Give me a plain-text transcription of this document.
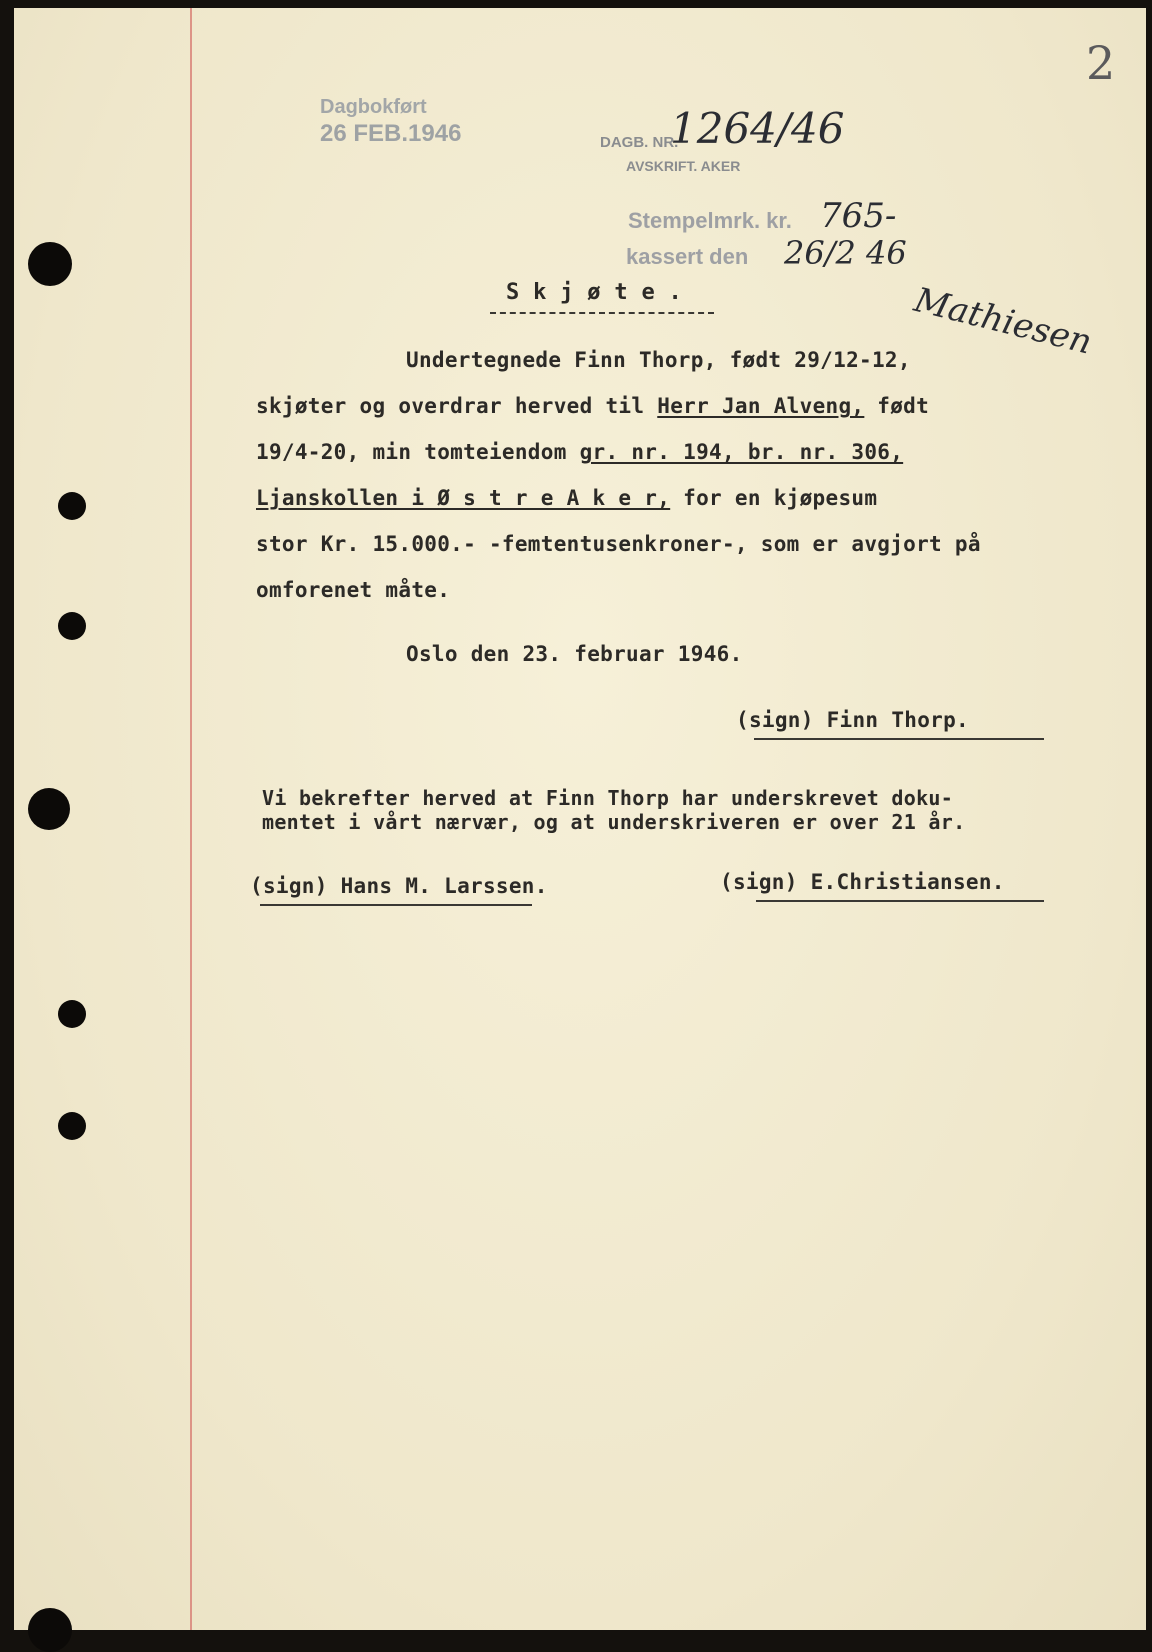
2
Dagbokført
26 FEB.1946	DAGB. NR.
1264/46
AVSKRIFT. AKER
Stempelmrk. kr. 765-
kassert den 26/2 46
Mathiesen
S k j ø t e .
Undertegnede Finn Thorp, født 29/12-12,
skjøter og overdrar herved til Herr Jan Alveng, født
19/4-20, min tomteiendom gr. nr. 194, br. nr. 306,
Ljanskollen i Ø s t r e A k e r, for en kjøpesum
stor Kr. 15.000.- -femtentusenkroner-, som er avgjort på
omforenet måte.
Oslo den 23. februar 1946.
(sign) Finn Thorp.
Vi bekrefter herved at Finn Thorp har underskrevet doku-
mentet i vårt nærvær, og at underskriveren er over 21 år.
(sign) Hans M. Larssen.	(sign) E.Christiansen.
